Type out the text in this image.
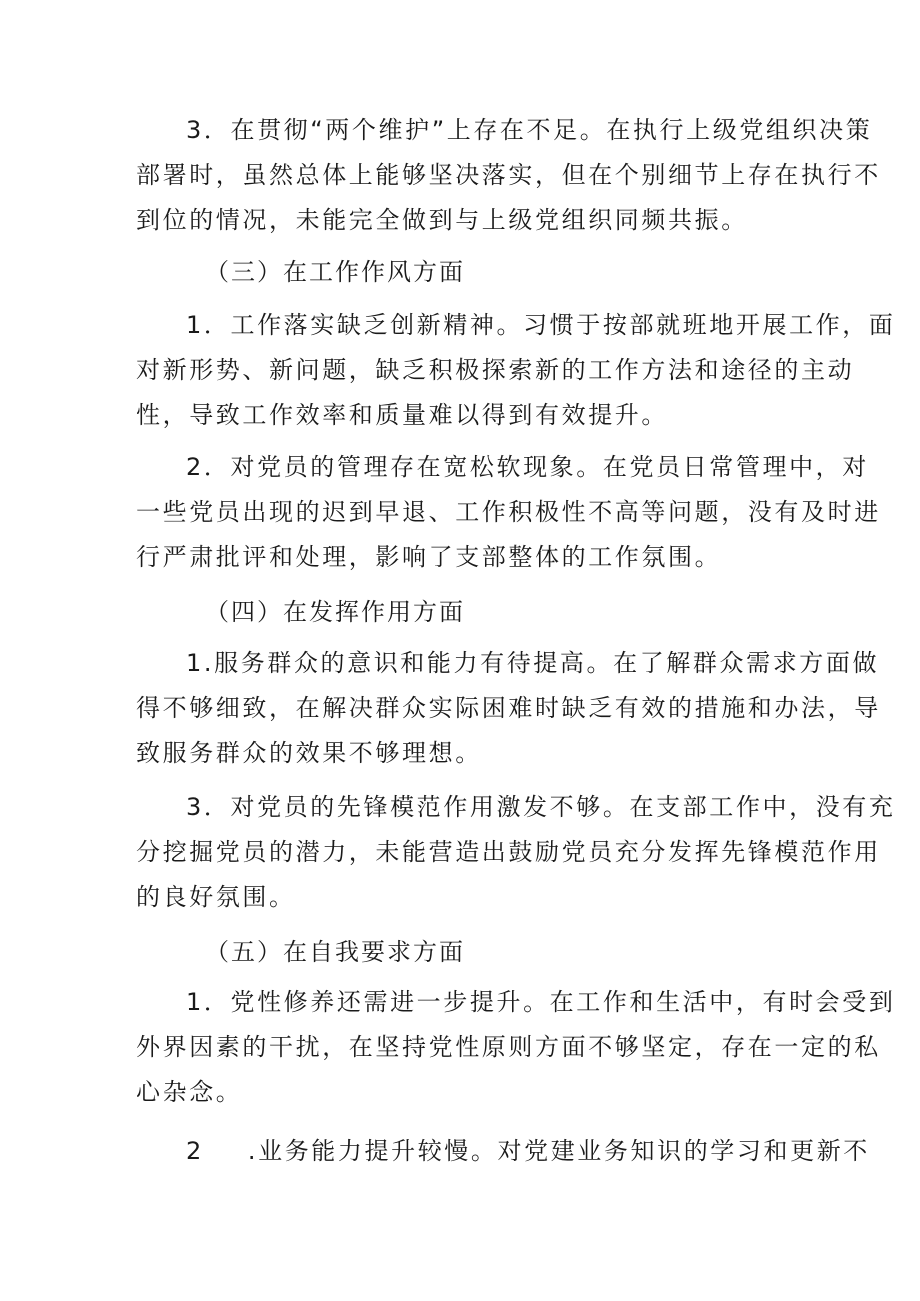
3．在贯彻“两个维护”上存在不足。在执行上级党组织决策

部署时，虽然总体上能够坚决落实，但在个别细节上存在执行不

到位的情况，未能完全做到与上级党组织同频共振。

（三）在工作作风方面

1．工作落实缺乏创新精神。习惯于按部就班地开展工作，面

对新形势、新问题，缺乏积极探索新的工作方法和途径的主动

性，导致工作效率和质量难以得到有效提升。

2．对党员的管理存在宽松软现象。在党员日常管理中，对

一些党员出现的迟到早退、工作积极性不高等问题，没有及时进

行严肃批评和处理，影响了支部整体的工作氛围。

（四）在发挥作用方面

1.服务群众的意识和能力有待提高。在了解群众需求方面做

得不够细致，在解决群众实际困难时缺乏有效的措施和办法，导

致服务群众的效果不够理想。

3．对党员的先锋模范作用激发不够。在支部工作中，没有充

分挖掘党员的潜力，未能营造出鼓励党员充分发挥先锋模范作用

的良好氛围。

（五）在自我要求方面

1．党性修养还需进一步提升。在工作和生活中，有时会受到

外界因素的干扰，在坚持党性原则方面不够坚定，存在一定的私

心杂念。

2 .业务能力提升较慢。对党建业务知识的学习和更新不
